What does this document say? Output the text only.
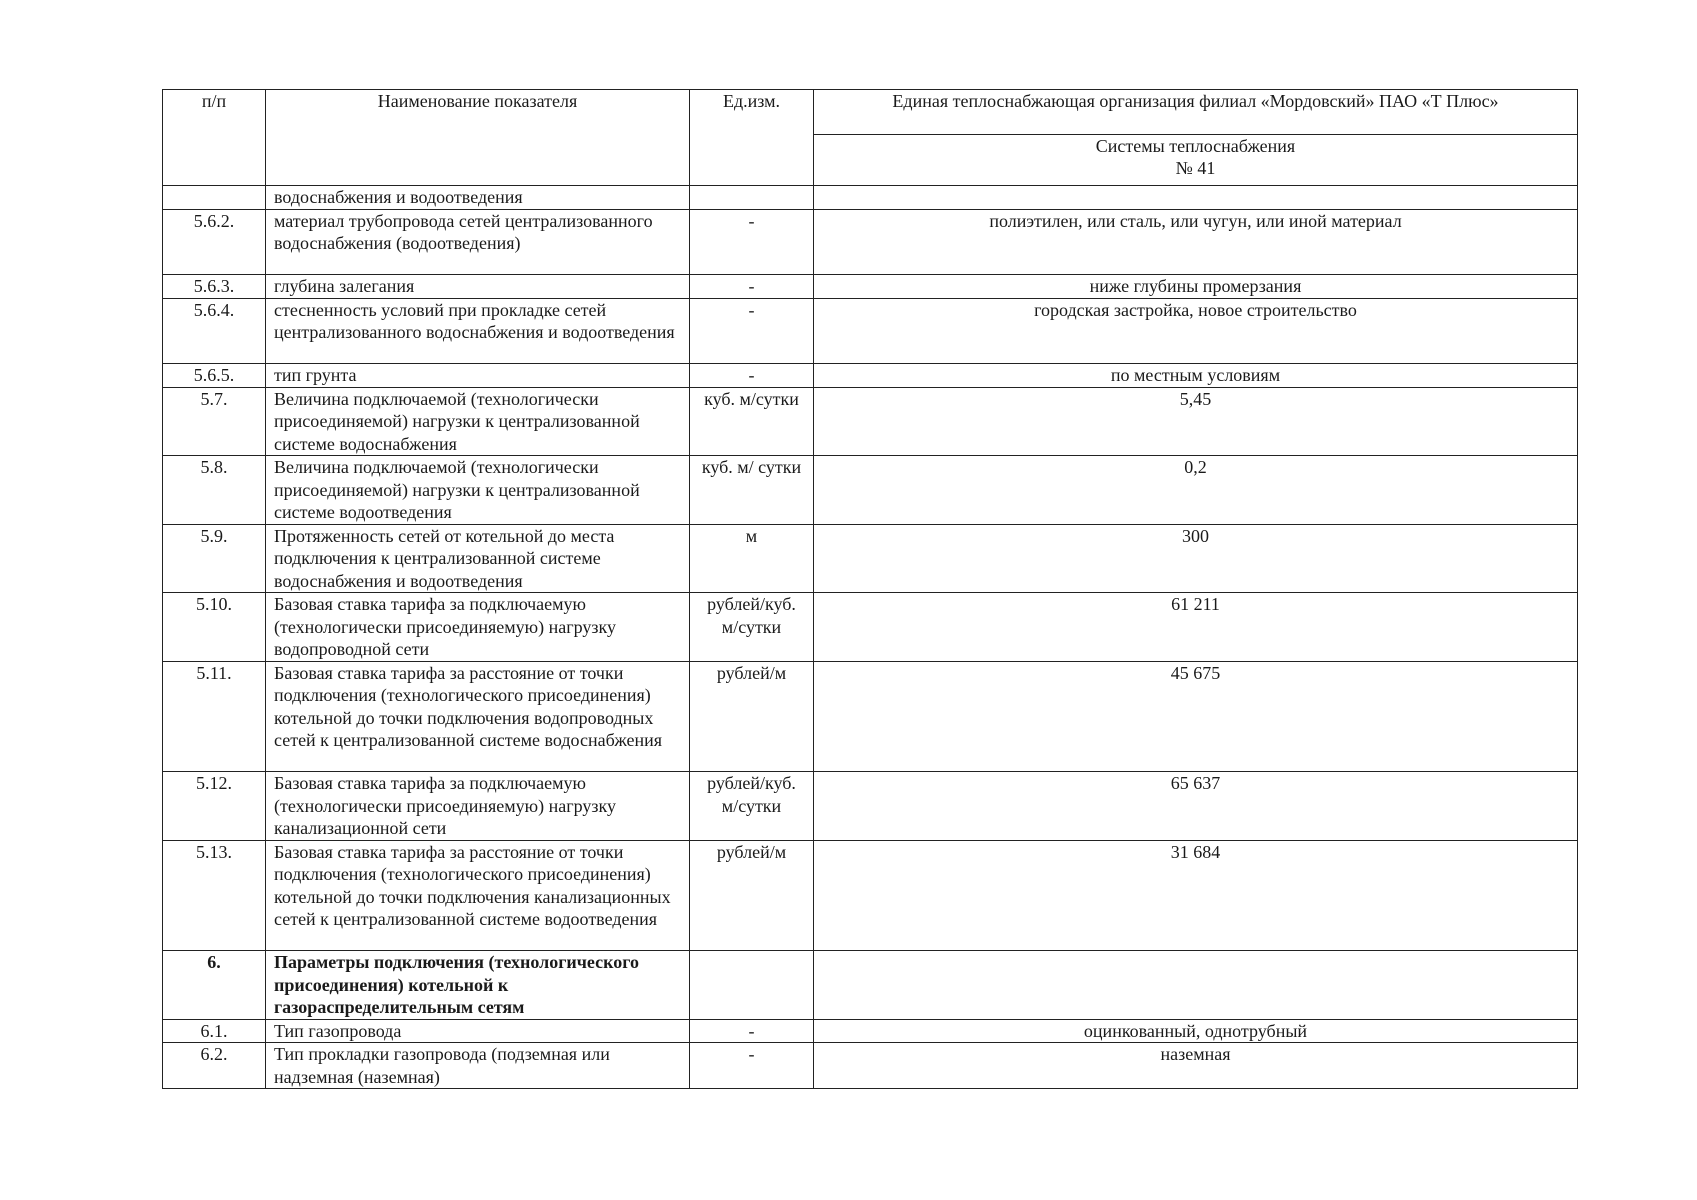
п/п	Наименование показателя	Ед.изм.	Единая теплоснабжающая организация филиал «Мордовский» ПАО «Т Плюс»

			Системы теплоснабжения
№ 41

	водоснабжения и водоотведения		
5.6.2.	материал трубопровода сетей централизованного водоснабжения (водоотведения)	-	полиэтилен, или сталь, или чугун, или иной материал
5.6.3.	глубина залегания	-	ниже глубины промерзания
5.6.4.	стесненность условий при прокладке сетей централизованного водоснабжения и водоотведения	-	городская застройка, новое строительство
5.6.5.	тип грунта	-	по местным условиям
5.7.	Величина подключаемой (технологически присоединяемой) нагрузки к централизованной системе водоснабжения	куб. м/сутки	5,45
5.8.	Величина подключаемой (технологически присоединяемой) нагрузки к централизованной системе водоотведения	куб. м/ сутки	0,2
5.9.	Протяженность сетей от котельной до места подключения к централизованной системе водоснабжения и водоотведения	м	300
5.10.	Базовая ставка тарифа за подключаемую (технологически присоединяемую) нагрузку водопроводной сети	рублей/куб. м/сутки	61 211
5.11.	Базовая ставка тарифа за расстояние от точки подключения (технологического присоединения) котельной до точки подключения водопроводных сетей к централизованной системе водоснабжения	рублей/м	45 675
5.12.	Базовая ставка тарифа за подключаемую (технологически присоединяемую) нагрузку канализационной сети	рублей/куб. м/сутки	65 637
5.13.	Базовая ставка тарифа за расстояние от точки подключения (технологического присоединения) котельной до точки подключения канализационных сетей к централизованной системе водоотведения	рублей/м	31 684
6.	Параметры подключения (технологического присоединения) котельной к газораспределительным сетям		
6.1.	Тип газопровода	-	оцинкованный, однотрубный
6.2.	Тип прокладки газопровода (подземная или надземная (наземная)	-	наземная
